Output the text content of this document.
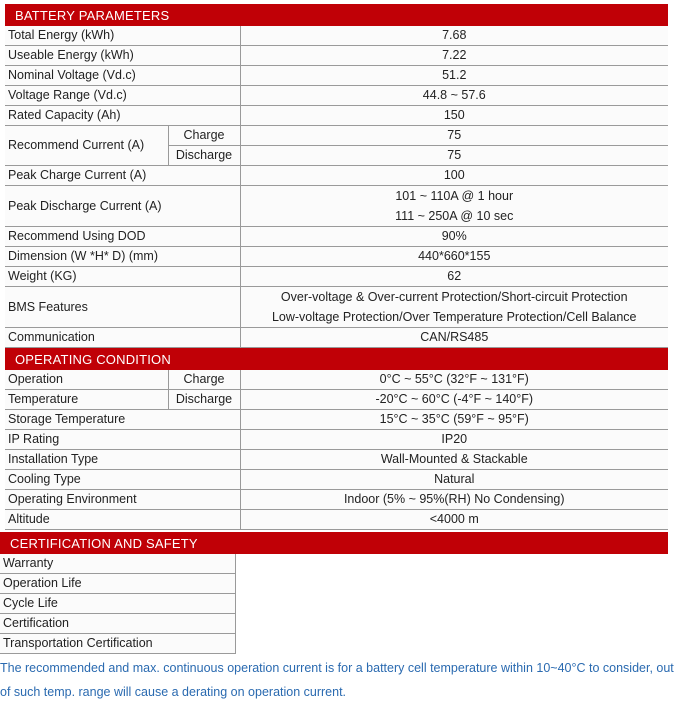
BATTERY PARAMETERS
Total Energy (kWh)		7.68
Useable Energy (kWh)		7.22
Nominal Voltage (Vd.c)		51.2
Voltage Range (Vd.c)		44.8 ~ 57.6
Rated Capacity (Ah)		150
Recommend Current (A)	Charge	75
	Discharge	75
Peak Charge Current (A)		100
Peak Discharge Current (A)		101 ~ 110A @ 1 hour
111 ~ 250A @ 10 sec

Recommend Using DOD		90%
Dimension (W *H* D) (mm)		440*660*155
Weight (KG)		62
BMS Features		Over-voltage & Over-current Protection/Short-circuit Protection
Low-voltage Protection/Over Temperature Protection/Cell Balance

Communication		CAN/RS485
OPERATING CONDITION
Operation	Charge	0°C ~ 55°C (32°F ~ 131°F)
Temperature	Discharge	-20°C ~ 60°C (-4°F ~ 140°F)
Storage Temperature		15°C ~ 35°C (59°F ~ 95°F)
IP Rating		IP20
Installation Type		Wall-Mounted & Stackable
Cooling Type		Natural
Operating Environment		Indoor (5% ~ 95%(RH) No Condensing)
Altitude		<4000 m
CERTIFICATION AND SAFETY
Warranty	
Operation Life	
Cycle Life	
Certification	
Transportation Certification	
The recommended and max. continuous operation current is for a battery cell temperature within 10~40°C to consider, out of such temp. range will cause a derating on operation current.
